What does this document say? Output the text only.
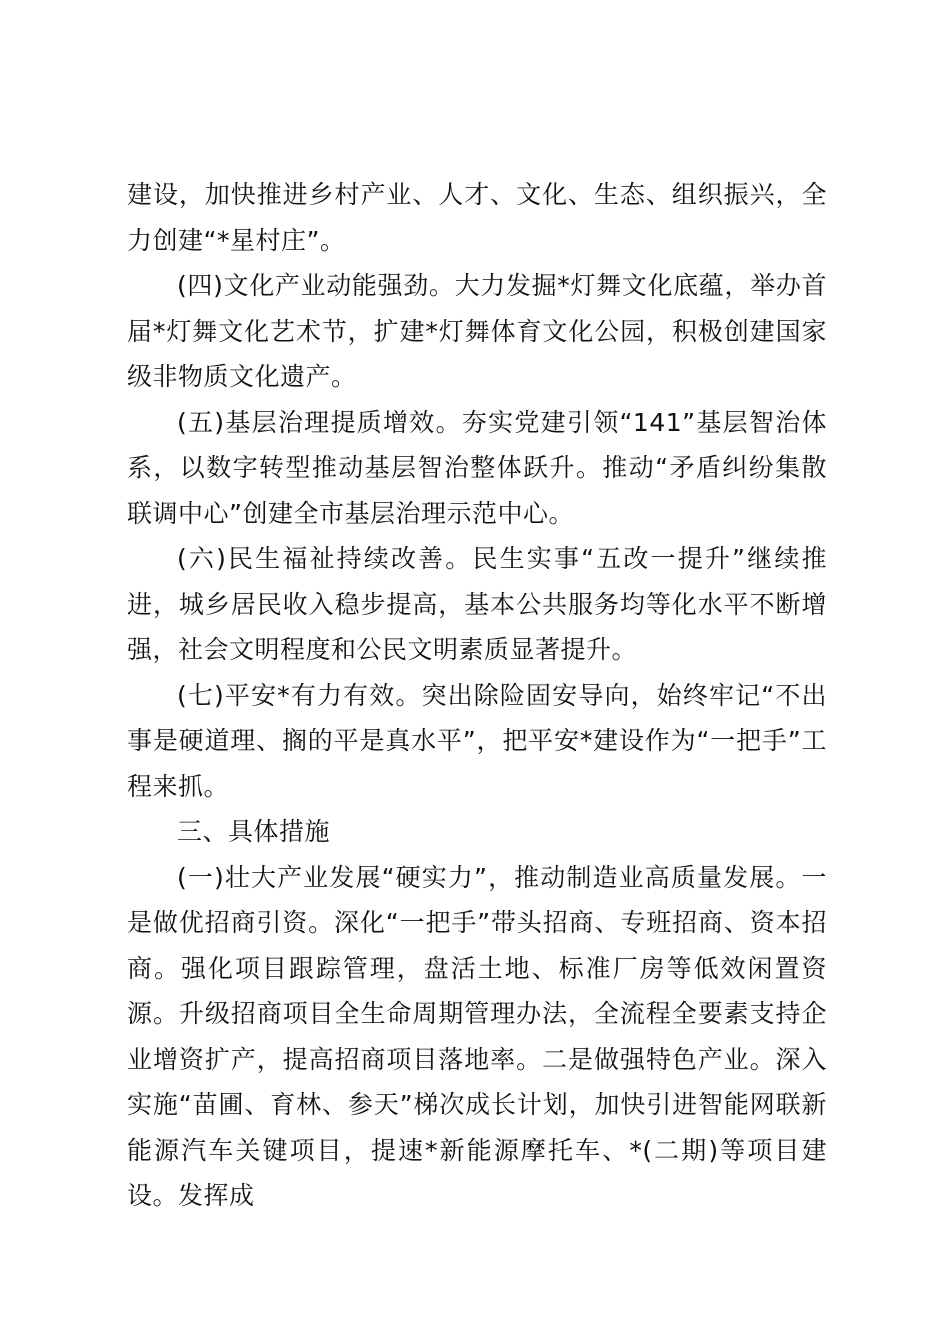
建设，加快推进乡村产业、人才、文化、生态、组织振兴，全力创建“*星村庄”。

(四)文化产业动能强劲。大力发掘*灯舞文化底蕴，举办首届*灯舞文化艺术节，扩建*灯舞体育文化公园，积极创建国家级非物质文化遗产。

(五)基层治理提质增效。夯实党建引领“141”基层智治体系，以数字转型推动基层智治整体跃升。推动“矛盾纠纷集散联调中心”创建全市基层治理示范中心。

(六)民生福祉持续改善。民生实事“五改一提升”继续推进，城乡居民收入稳步提高，基本公共服务均等化水平不断增强，社会文明程度和公民文明素质显著提升。

(七)平安*有力有效。突出除险固安导向，始终牢记“不出事是硬道理、搁的平是真水平”，把平安*建设作为“一把手”工程来抓。

三、具体措施

(一)壮大产业发展“硬实力”，推动制造业高质量发展。一是做优招商引资。深化“一把手”带头招商、专班招商、资本招商。强化项目跟踪管理，盘活土地、标准厂房等低效闲置资源。升级招商项目全生命周期管理办法，全流程全要素支持企业增资扩产，提高招商项目落地率。二是做强特色产业。深入实施“苗圃、育林、参天”梯次成长计划，加快引进智能网联新能源汽车关键项目，提速*新能源摩托车、*(二期)等项目建设。发挥成
